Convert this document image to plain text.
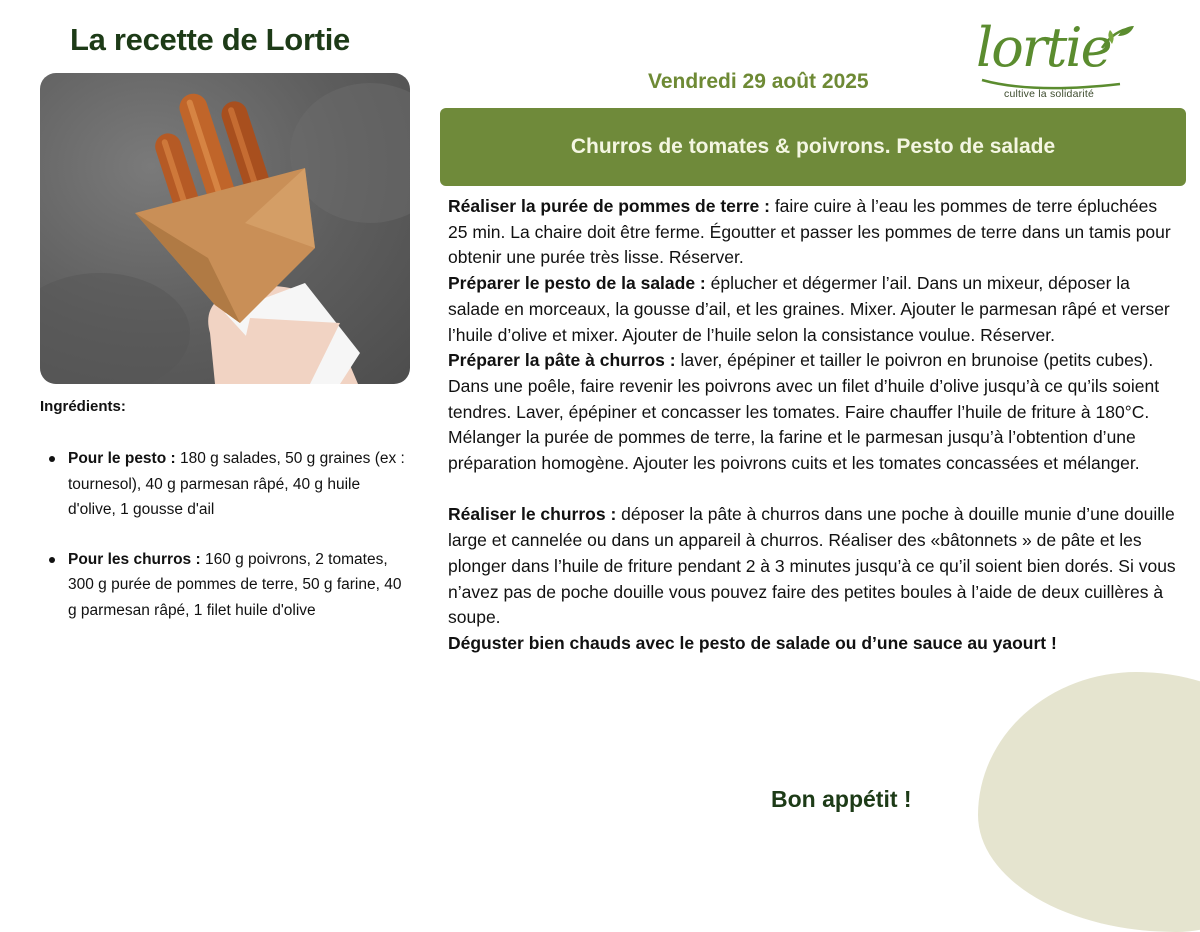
La recette de Lortie
Vendredi 29 août 2025
lortie
cultive la solidarité
Churros de tomates & poivrons. Pesto de salade
Ingrédients:
Pour le pesto : 180 g salades, 50 g graines (ex : tournesol), 40 g parmesan râpé, 40 g huile d'olive, 1 gousse d'ail
Pour les churros : 160 g poivrons, 2 tomates, 300 g purée de pommes de terre, 50 g farine, 40 g parmesan râpé, 1 filet huile d'olive

Réaliser la purée de pommes de terre : faire cuire à l’eau les pommes de terre épluchées 25 min. La chaire doit être ferme. Égoutter et passer les pommes de terre dans un tamis pour obtenir une purée très lisse. Réserver.

Préparer le pesto de la salade : éplucher et dégermer l’ail. Dans un mixeur, déposer la salade en morceaux, la gousse d’ail, et les graines. Mixer. Ajouter le parmesan râpé et verser l’huile d’olive et mixer. Ajouter de l’huile selon la consistance voulue. Réserver.

Préparer la pâte à churros : laver, épépiner et tailler le poivron en brunoise (petits cubes). Dans une poêle, faire revenir les poivrons avec un filet d’huile d’olive jusqu’à ce qu’ils soient tendres. Laver, épépiner et concasser les tomates. Faire chauffer l’huile de friture à 180°C. Mélanger la purée de pommes de terre, la farine et le parmesan jusqu’à l’obtention d’une préparation homogène. Ajouter les poivrons cuits et les tomates concassées et mélanger.

Réaliser le churros : déposer la pâte à churros dans une poche à douille munie d’une douille large et cannelée ou dans un appareil à churros. Réaliser des «bâtonnets » de pâte et les plonger dans l’huile de friture pendant 2 à 3 minutes jusqu’à ce qu’il soient bien dorés. Si vous n’avez pas de poche douille vous pouvez faire des petites boules à l’aide de deux cuillères à soupe.

Déguster bien chauds avec le pesto de salade ou d’une sauce au yaourt !

Bon appétit !
